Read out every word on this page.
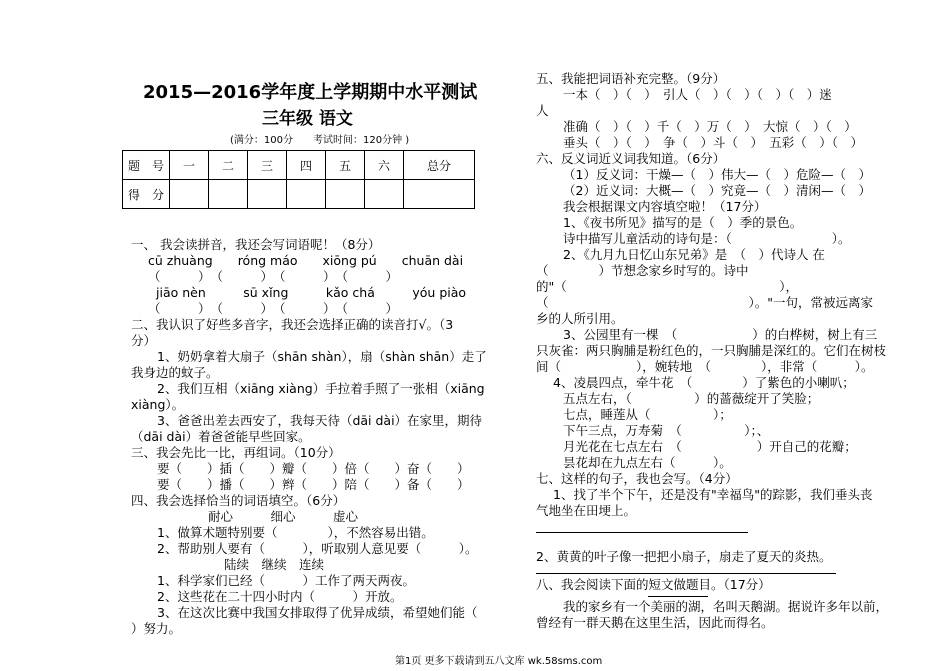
2015—2016学年度上学期期中水平测试
三年级 语文
(满分：100分　　考试时间：120分钟 )
题　号	一	二	三	四	五	六	总分
得　分							
一、 我会读拼音，我还会写词语呢！（8分）
cū zhuàng　　róng máo　　xiōng pú　　chuān dài
（　　　）　（　　　）　（　　　）　（　　　）
jiāo nèn　　　sū xǐng　　　kǎo chá　　　yóu piào
（　　　）　（　　　）　（　　　）　（　　　）
二、我认识了好些多音字，我还会选择正确的读音打√。（3
分）
1、奶奶拿着大扇子（shān shàn），扇（shàn shān）走了
我身边的蚊子。
2、我们互相（xiāng xiàng）手拉着手照了一张相（xiāng
xiàng）。
3、爸爸出差去西安了，我每天待（dāi dài）在家里，期待
（dāi dài）着爸爸能早些回家。
三、我会先比一比，再组词。（10分）
要（　　）插（　　）瓣（　　）倍（　　）奋（　　）
要（　　）播（　　）辫（　　）陪（　　）备（　　）
四、我会选择恰当的词语填空。（6分）
耐心　　　细心　　　虚心
1、做算术题特别要（　　　　），不然容易出错。
2、帮助别人要有（　　　），听取别人意见要（　　　）。
陆续　继续　连续
1、科学家们已经（　　　）工作了两天两夜。
2、这些花在二十四小时内（　　　）开放。
3、在这次比赛中我国女排取得了优异成绩，希望她们能（
）努力。
五、我能把词语补充完整。（9分）
一本（　）（　）　引人（　）（　）（　）（　）迷
人
准确（　）（　）千（　）万（　）　大惊（　）（　）
垂头（　）（　）　争（　）斗（　）　五彩（　）（　）
六、反义词近义词我知道。（6分）
（1）反义词：干燥—（　）伟大—（　）危险—（　）
（2）近义词：大概—（　）究竟—（　）清闲—（　）
我会根据课文内容填空啦！（17分）
1、《夜书所见》描写的是（　）季的景色。
诗中描写儿童活动的诗句是：（　　　　　　　　）。
2、《九月九日忆山东兄弟》是　（　）代诗人 在
（　　　　）节想念家乡时写的。诗中
的"（　　　　　　　　　　　　　　　　　），
（　　　　　　　　　　　　　　　　）。"一句，常被远离家
乡的人所引用。
3、公园里有一棵　（　　　　　　）的白桦树，树上有三
只灰雀：两只胸脯是粉红色的，一只胸脯是深红的。它们在树枝
间（　　　　　　），婉转地　（　　　　），非常（　　　）。
4、凌晨四点，牵牛花　（　　　　）了紫色的小喇叭；
五点左右，（　　　　　）的蔷薇绽开了笑脸；
七点，睡莲从（　　　　　）；
下午三点，万寿菊　（　　　　　）；、
月光花在七点左右　（　　　　　　）开自己的花瓣；
昙花却在九点左右（　　　）。
七、这样的句子，我也会写。（4分）
1、找了半个下午，还是没有"幸福鸟"的踪影，我们垂头丧
气地坐在田埂上。
2、黄黄的叶子像一把把小扇子，扇走了夏天的炎热。
八、我会阅读下面的短文做题目。（17分）
我的家乡有一个美丽的湖，名叫天鹅湖。据说许多年以前，
曾经有一群天鹅在这里生活，因此而得名。
第1页 更多下载请到五八文库 wk.58sms.com
